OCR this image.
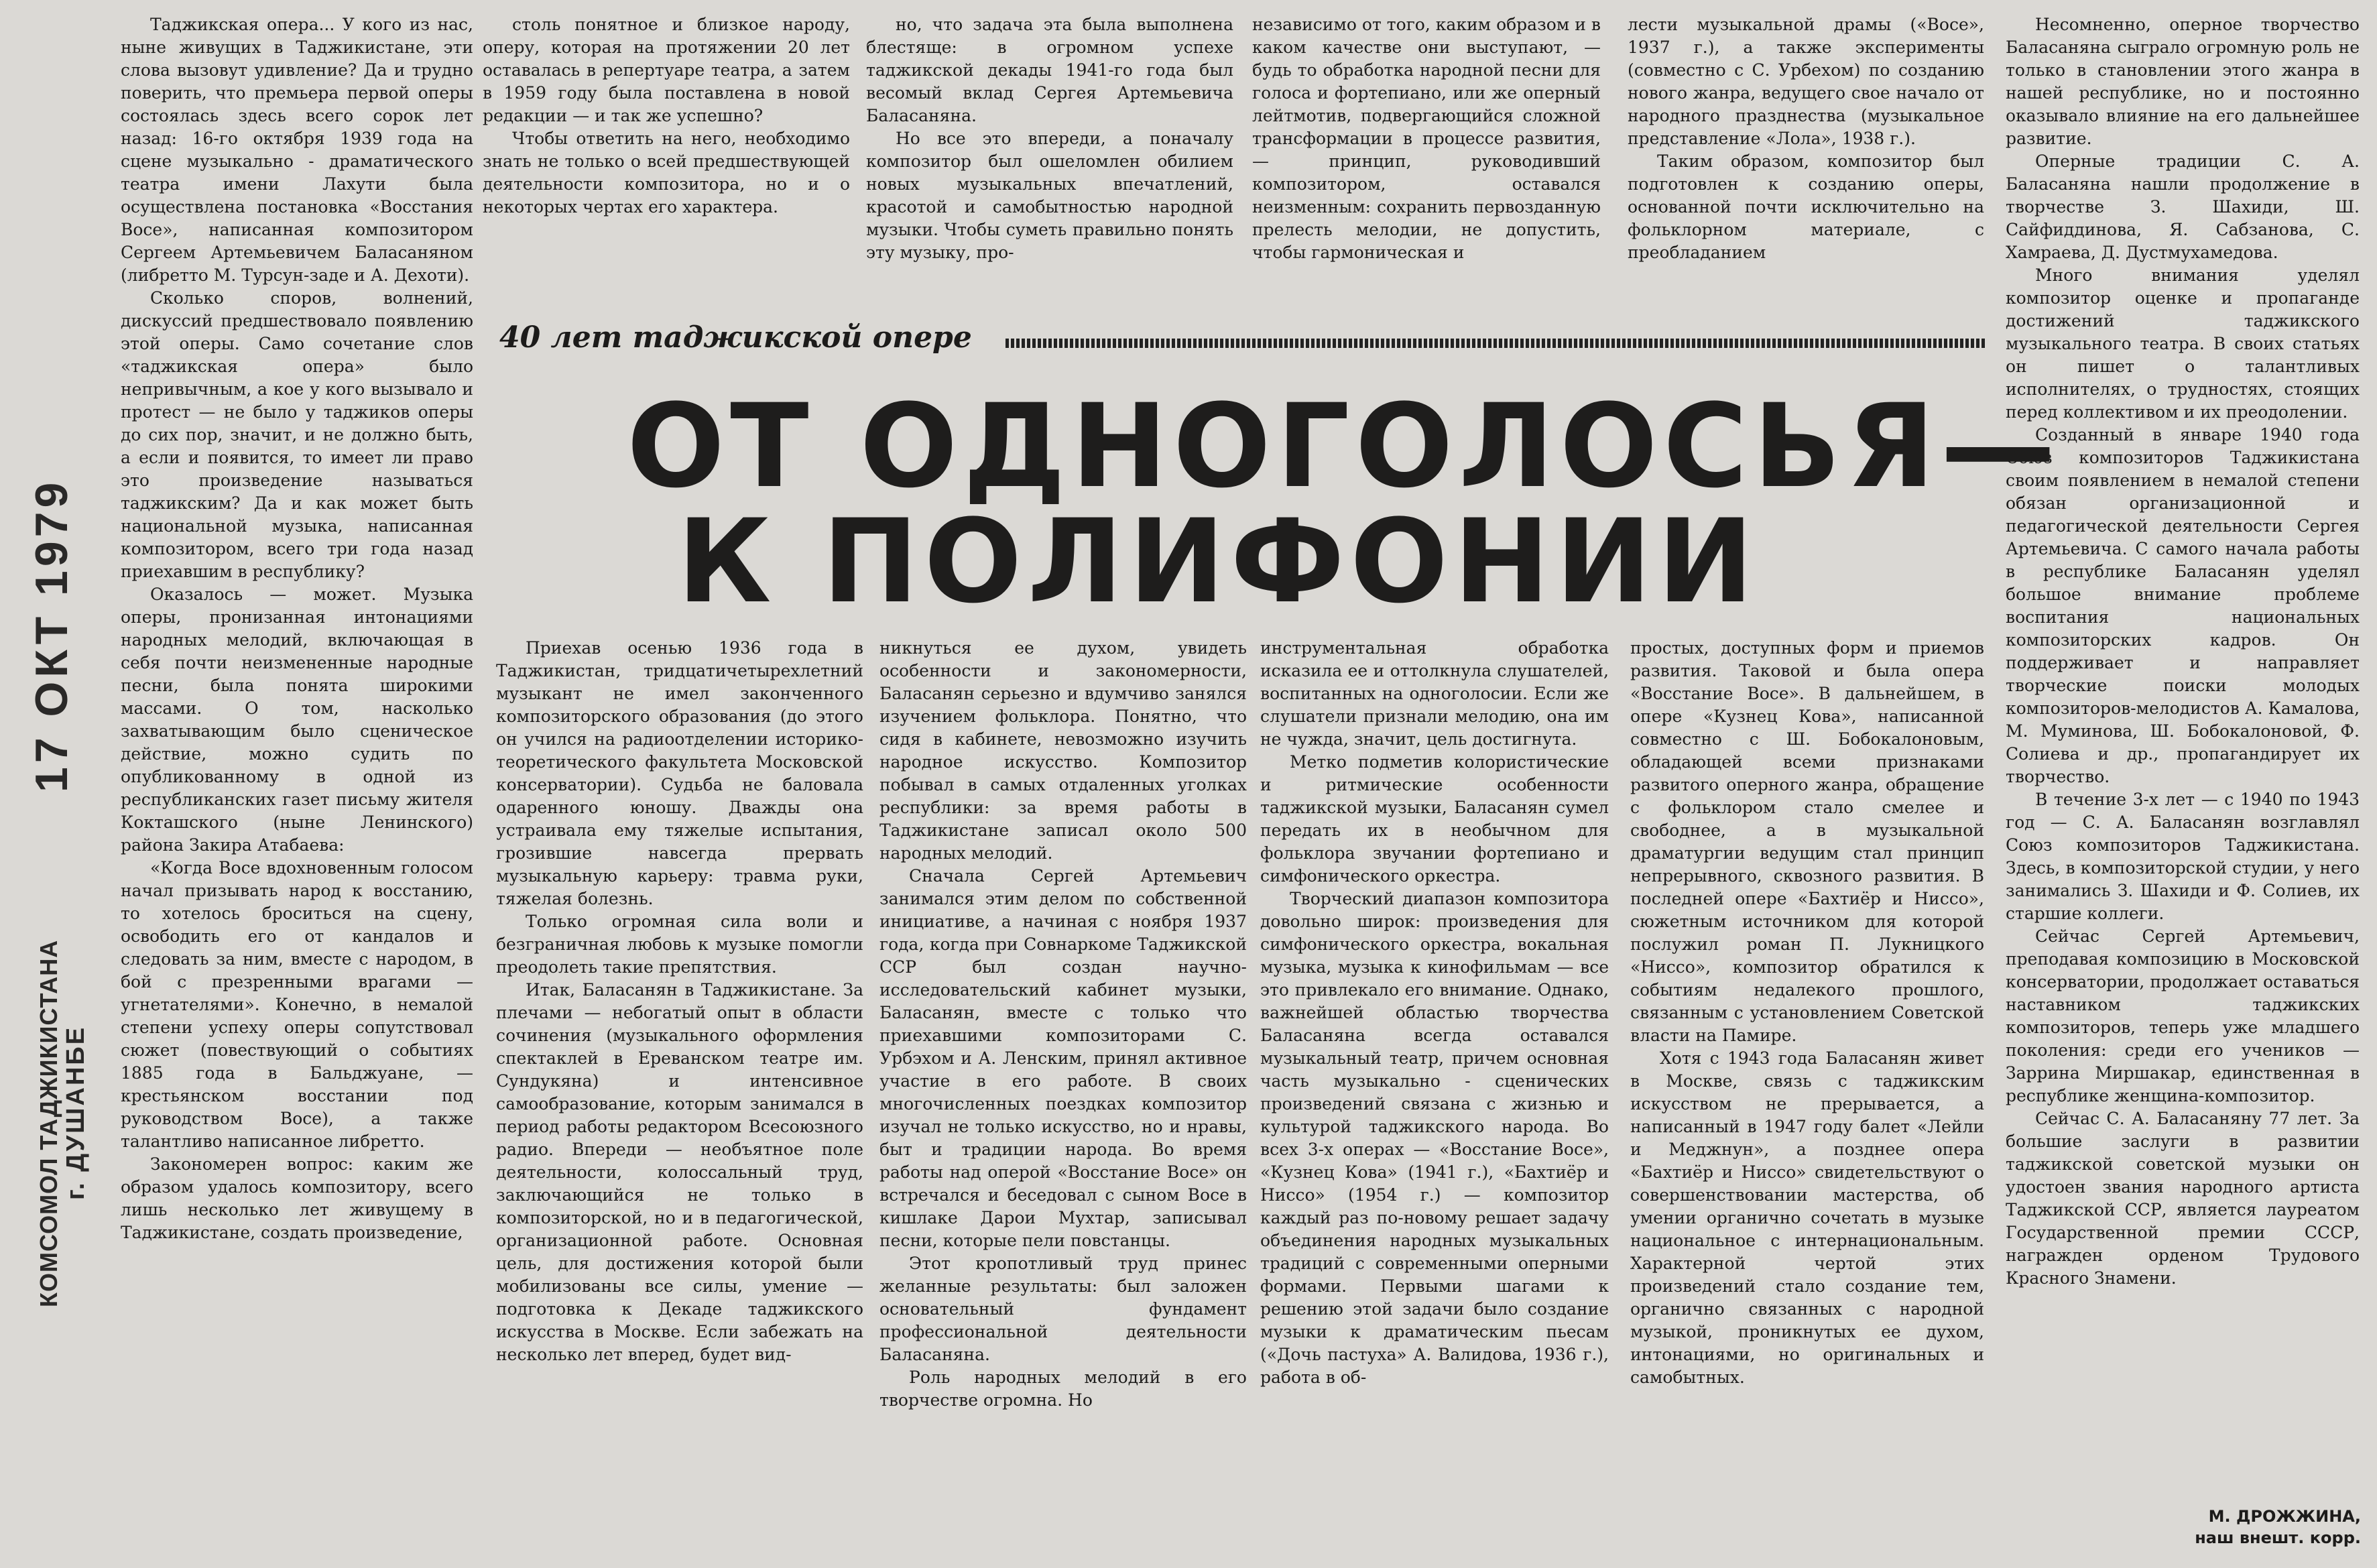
17 ОКТ 1979
КОМСОМОЛ ТАДЖИКИСТАНА г. ДУШАНБЕ

Таджикская опера... У кого из нас, ныне живущих в Таджикистане, эти слова вызовут удивление? Да и трудно поверить, что премьера первой оперы состоялась здесь всего сорок лет назад: 16-го октября 1939 года на сцене музыкально - драматического театра имени Лахути была осуществлена постановка «Восстания Восе», написанная композитором Сергеем Артемьевичем Баласаняном (либретто М. Турсун-заде и А. Дехоти).

Сколько споров, волнений, дискуссий предшествовало появлению этой оперы. Само сочетание слов «таджикская опера» было непривычным, а кое у кого вызывало и протест — не было у таджиков оперы до сих пор, значит, и не должно быть, а если и появится, то имеет ли право это произведение называться таджикским? Да и как может быть национальной музыка, написанная композитором, всего три года назад приехавшим в республику?

Оказалось — может. Музыка оперы, пронизанная интонациями народных мелодий, включающая в себя почти неизмененные народные песни, была понята широкими массами. О том, насколько захватывающим было сценическое действие, можно судить по опубликованному в одной из республиканских газет письму жителя Кокташского (ныне Ленинского) района Закира Атабаева:

«Когда Восе вдохновенным голосом начал призывать народ к восстанию, то хотелось броситься на сцену, освободить его от кандалов и следовать за ним, вместе с народом, в бой с презренными врагами — угнетателями». Конечно, в немалой степени успеху оперы сопутствовал сюжет (повествующий о событиях 1885 года в Бальджуане, — крестьянском восстании под руководством Восе), а также талантливо написанное либретто.

Закономерен вопрос: каким же образом удалось композитору, всего лишь несколько лет живущему в Таджикистане, создать произведение,

столь понятное и близкое народу, оперу, которая на протяжении 20 лет оставалась в репертуаре театра, а затем в 1959 году была поставлена в новой редакции — и так же успешно?

Чтобы ответить на него, необходимо знать не только о всей предшествующей деятельности композитора, но и о некоторых чертах его характера.

но, что задача эта была выполнена блестяще: в огромном успехе таджикской декады 1941-го года был весомый вклад Сергея Артемьевича Баласаняна.

Но все это впереди, а поначалу композитор был ошеломлен обилием новых музыкальных впечатлений, красотой и самобытностью народной музыки. Чтобы суметь правильно понять эту музыку, про-

независимо от того, каким образом и в каком качестве они выступают, — будь то обработка народной песни для голоса и фортепиано, или же оперный лейтмотив, подвергающийся сложной трансформации в процессе развития, — принцип, руководивший композитором, оставался неизменным: сохранить первозданную прелесть мелодии, не допустить, чтобы гармоническая и

лести музыкальной драмы («Восе», 1937 г.), а также эксперименты (совместно с С. Урбехом) по созданию нового жанра, ведущего свое начало от народного празднества (музыкальное представление «Лола», 1938 г.).

Таким образом, композитор был подготовлен к созданию оперы, основанной почти исключительно на фольклорном материале, с преобладанием

Несомненно, оперное творчество Баласаняна сыграло огромную роль не только в становлении этого жанра в нашей республике, но и постоянно оказывало влияние на его дальнейшее развитие.

Оперные традиции С. А. Баласаняна нашли продолжение в творчестве З. Шахиди, Ш. Сайфиддинова, Я. Сабзанова, С. Хамраева, Д. Дустмухамедова.

Много внимания уделял композитор оценке и пропаганде достижений таджикского музыкального театра. В своих статьях он пишет о талантливых исполнителях, о трудностях, стоящих перед коллективом и их преодолении.

Созданный в январе 1940 года Союз композиторов Таджикистана своим появлением в немалой степени обязан организационной и педагогической деятельности Сергея Артемьевича. С самого начала работы в республике Баласанян уделял большое внимание проблеме воспитания национальных композиторских кадров. Он поддерживает и направляет творческие поиски молодых композиторов-мелодистов А. Камалова, М. Муминова, Ш. Бобокалоновой, Ф. Солиева и др., пропагандирует их творчество.

В течение 3-х лет — с 1940 по 1943 год — С. А. Баласанян возглавлял Союз композиторов Таджикистана. Здесь, в композиторской студии, у него занимались З. Шахиди и Ф. Солиев, их старшие коллеги.

Сейчас Сергей Артемьевич, преподавая композицию в Московской консерватории, продолжает оставаться наставником таджикских композиторов, теперь уже младшего поколения: среди его учеников — Заррина Миршакар, единственная в республике женщина-композитор.

Сейчас С. А. Баласаняну 77 лет. За большие заслуги в развитии таджикской советской музыки он удостоен звания народного артиста Таджикской ССР, является лауреатом Государственной премии СССР, награжден орденом Трудового Красного Знамени.

40 лет таджикской опере
ОТ ОДНОГОЛОСЬЯ—
К ПОЛИФОНИИ

Приехав осенью 1936 года в Таджикистан, тридцатичетырехлетний музыкант не имел законченного композиторского образования (до этого он учился на радиоотделении историко-теоретического факультета Московской консерватории). Судьба не баловала одаренного юношу. Дважды она устраивала ему тяжелые испытания, грозившие навсегда прервать музыкальную карьеру: травма руки, тяжелая болезнь.

Только огромная сила воли и безграничная любовь к музыке помогли преодолеть такие препятствия.

Итак, Баласанян в Таджикистане. За плечами — небогатый опыт в области сочинения (музыкального оформления спектаклей в Ереванском театре им. Сундукяна) и интенсивное самообразование, которым занимался в период работы редактором Всесоюзного радио. Впереди — необъятное поле деятельности, колоссальный труд, заключающийся не только в композиторской, но и в педагогической, организационной работе. Основная цель, для достижения которой были мобилизованы все силы, умение — подготовка к Декаде таджикского искусства в Москве. Если забежать на несколько лет вперед, будет вид-

никнуться ее духом, увидеть особенности и закономерности, Баласанян серьезно и вдумчиво занялся изучением фольклора. Понятно, что сидя в кабинете, невозможно изучить народное искусство. Композитор побывал в самых отдаленных уголках республики: за время работы в Таджикистане записал около 500 народных мелодий.

Сначала Сергей Артемьевич занимался этим делом по собственной инициативе, а начиная с ноября 1937 года, когда при Совнаркоме Таджикской ССР был создан научно-исследовательский кабинет музыки, Баласанян, вместе с только что приехавшими композиторами С. Урбэхом и А. Ленским, принял активное участие в его работе. В своих многочисленных поездках композитор изучал не только искусство, но и нравы, быт и традиции народа. Во время работы над оперой «Восстание Восе» он встречался и беседовал с сыном Восе в кишлаке Дарои Мухтар, записывал песни, которые пели повстанцы.

Этот кропотливый труд принес желанные результаты: был заложен основательный фундамент профессиональной деятельности Баласаняна.

Роль народных мелодий в его творчестве огромна. Но

инструментальная обработка исказила ее и оттолкнула слушателей, воспитанных на одноголосии. Если же слушатели признали мелодию, она им не чужда, значит, цель достигнута.

Метко подметив колористические и ритмические особенности таджикской музыки, Баласанян сумел передать их в необычном для фольклора звучании фортепиано и симфонического оркестра.

Творческий диапазон композитора довольно широк: произведения для симфонического оркестра, вокальная музыка, музыка к кинофильмам — все это привлекало его внимание. Однако, важнейшей областью творчества Баласаняна всегда оставался музыкальный театр, причем основная часть музыкально - сценических произведений связана с жизнью и культурой таджикского народа. Во всех 3-х операх — «Восстание Восе», «Кузнец Кова» (1941 г.), «Бахтиёр и Ниссо» (1954 г.) — композитор каждый раз по-новому решает задачу объединения народных музыкальных традиций с современными оперными формами. Первыми шагами к решению этой задачи было создание музыки к драматическим пьесам («Дочь пастуха» А. Валидова, 1936 г.), работа в об-

простых, доступных форм и приемов развития. Таковой и была опера «Восстание Восе». В дальнейшем, в опере «Кузнец Кова», написанной совместно с Ш. Бобокалоновым, обладающей всеми признаками развитого оперного жанра, обращение с фольклором стало смелее и свободнее, а в музыкальной драматургии ведущим стал принцип непрерывного, сквозного развития. В последней опере «Бахтиёр и Нисcо», сюжетным источником для которой послужил роман П. Лукницкого «Нисcо», композитор обратился к событиям недалекого прошлого, связанным с установлением Советской власти на Памире.

Хотя с 1943 года Баласанян живет в Москве, связь с таджикским искусством не прерывается, а написанный в 1947 году балет «Лейли и Меджнун», а позднее опера «Бахтиёр и Нисcо» свидетельствуют о совершенствовании мастерства, об умении органично сочетать в музыке национальное с интернациональным. Характерной чертой этих произведений стало создание тем, органично связанных с народной музыкой, проникнутых ее духом, интонациями, но оригинальных и самобытных.

М. ДРОЖЖИНА,
наш внешт. корр.
